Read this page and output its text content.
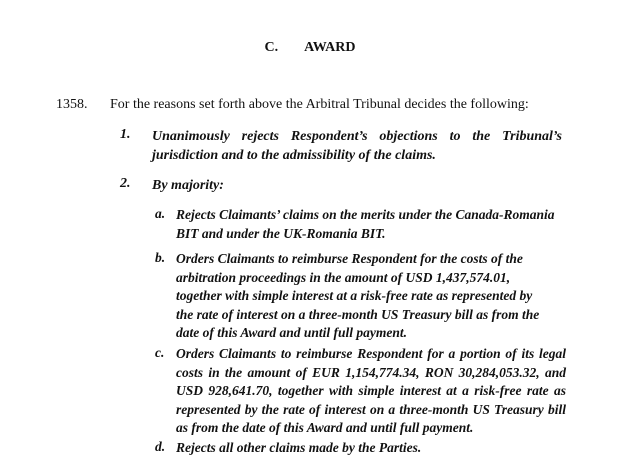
C. AWARD
1358. For the reasons set forth above the Arbitral Tribunal decides the following:
1. Unanimously rejects Respondent’s objections to the Tribunal’s jurisdiction and to the admissibility of the claims.
2. By majority:
a. Rejects Claimants’ claims on the merits under the Canada-Romania BIT and under the UK-Romania BIT.
b. Orders Claimants to reimburse Respondent for the costs of the arbitration proceedings in the amount of USD 1,437,574.01, together with simple interest at a risk-free rate as represented by the rate of interest on a three-month US Treasury bill as from the date of this Award and until full payment.
c. Orders Claimants to reimburse Respondent for a portion of its legal costs in the amount of EUR 1,154,774.34, RON 30,284,053.32, and USD 928,641.70, together with simple interest at a risk-free rate as represented by the rate of interest on a three-month US Treasury bill as from the date of this Award and until full payment.
d. Rejects all other claims made by the Parties.
